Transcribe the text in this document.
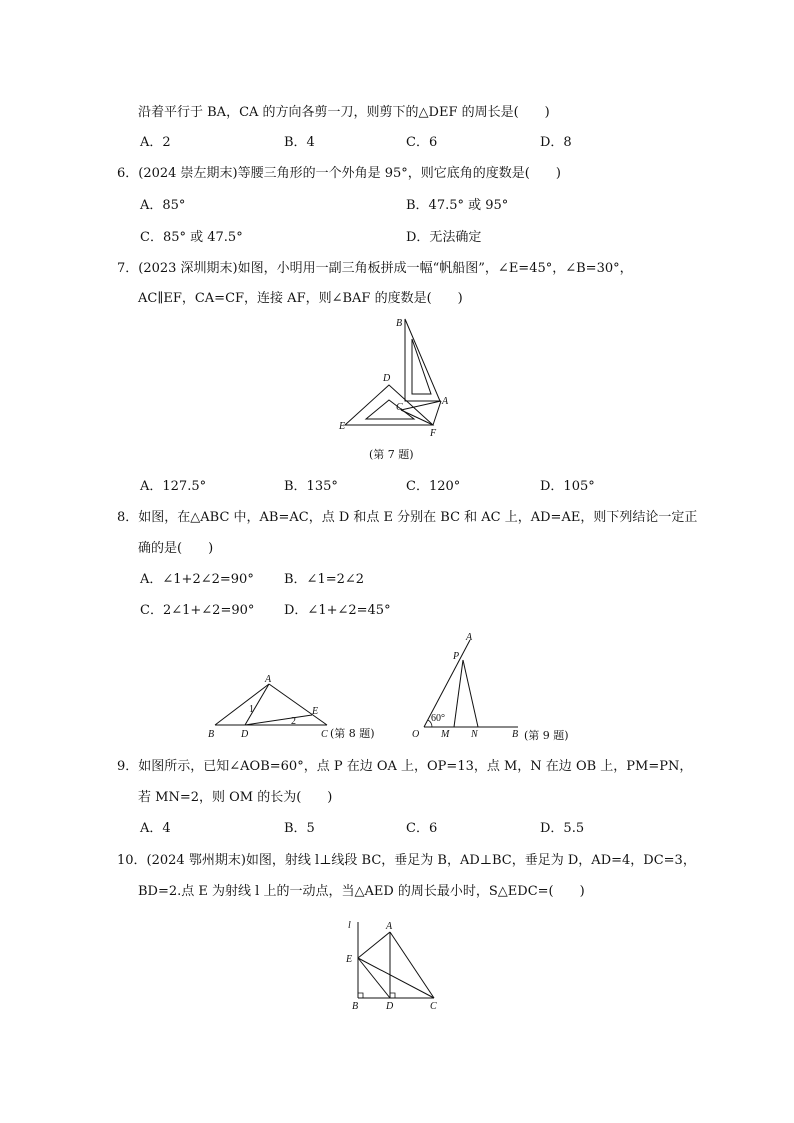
沿着平行于 BA，CA 的方向各剪一刀，则剪下的△DEF 的周长是(　　)
A．2	B．4	C．6	D．8
6．(2024 崇左期末)等腰三角形的一个外角是 95°，则它底角的度数是(　　)
A．85°	B．47.5° 或 95°
C．85° 或 47.5°	D．无法确定
7．(2023 深圳期末)如图，小明用一副三角板拼成一幅“帆船图”，∠E=45°，∠B=30°，
AC∥EF，CA=CF，连接 AF，则∠BAF 的度数是(　　)
B
D
C
A
E
F
(第 7 题)
A．127.5°	B．135°	C．120°	D．105°
8．如图，在△ABC 中，AB=AC，点 D 和点 E 分别在 BC 和 AC 上，AD=AE，则下列结论一定正
确的是(　　)
A．∠1+2∠2=90° B．∠1=2∠2
C．2∠1+∠2=90° D．∠1+∠2=45°
A
B	D
E
C
1
2
(第 8 题)
A
P
60°
O M N	B (第 9 题)
9．如图所示，已知∠AOB=60°，点 P 在边 OA 上，OP=13，点 M，N 在边 OB 上，PM=PN，
若 MN=2，则 OM 的长为(　　)
A．4	B．5	C．6	D．5.5
10．(2024 鄂州期末)如图，射线 l⊥线段 BC，垂足为 B，AD⊥BC，垂足为 D，AD=4，DC=3，
BD=2.点 E 为射线 l 上的一动点，当△AED 的周长最小时，S△EDC=(　　)
l	A
E
B	D	C
